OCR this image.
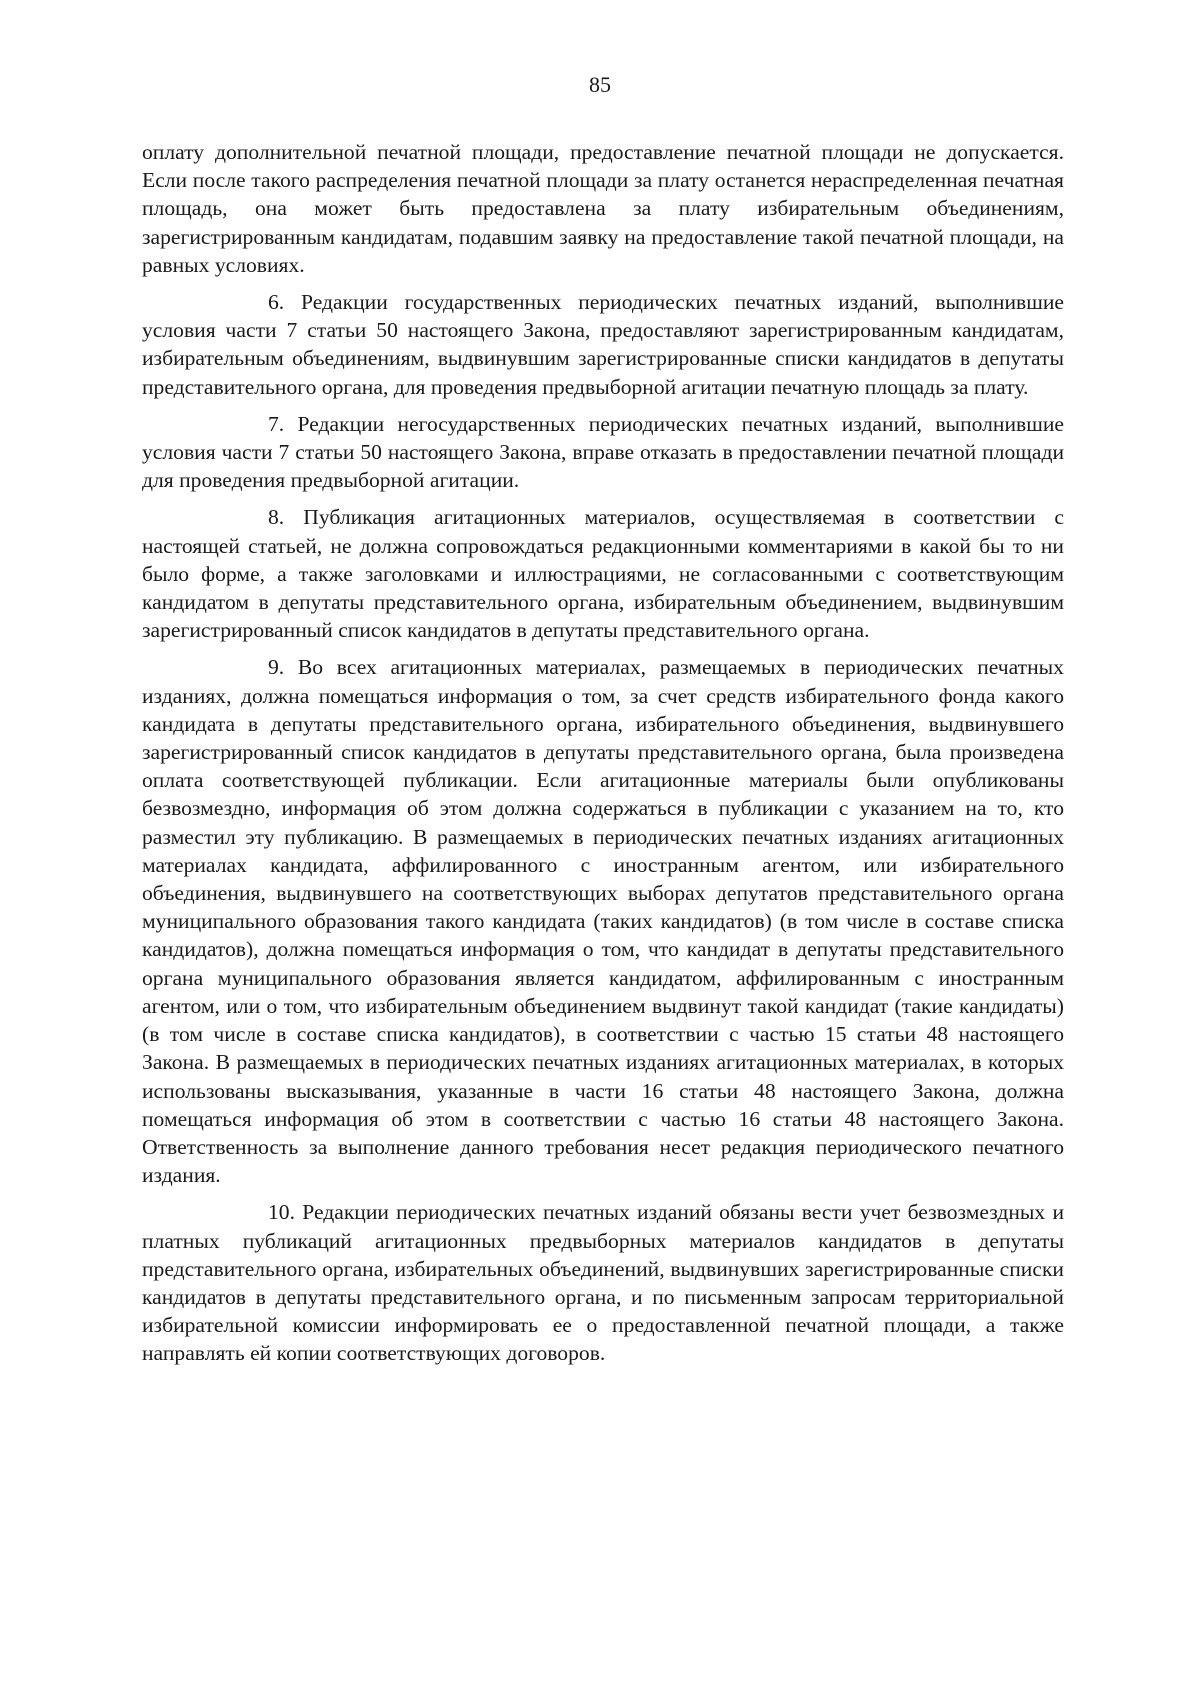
85

оплату дополнительной печатной площади, предоставление печатной площади не допускается. Если после такого распределения печатной площади за плату останется нераспределенная печатная площадь, она может быть предоставлена за плату избирательным объединениям, зарегистрированным кандидатам, подавшим заявку на предоставление такой печатной площади, на равных условиях.

6. Редакции государственных периодических печатных изданий, выполнившие условия части 7 статьи 50 настоящего Закона, предоставляют зарегистрированным кандидатам, избирательным объединениям, выдвинувшим зарегистрированные списки кандидатов в депутаты представительного органа, для проведения предвыборной агитации печатную площадь за плату.

7. Редакции негосударственных периодических печатных изданий, выполнившие условия части 7 статьи 50 настоящего Закона, вправе отказать в предоставлении печатной площади для проведения предвыборной агитации.

8. Публикация агитационных материалов, осуществляемая в соответствии с настоящей статьей, не должна сопровождаться редакционными комментариями в какой бы то ни было форме, а также заголовками и иллюстрациями, не согласованными с соответствующим кандидатом в депутаты представительного органа, избирательным объединением, выдвинувшим зарегистрированный список кандидатов в депутаты представительного органа.

9. Во всех агитационных материалах, размещаемых в периодических печатных изданиях, должна помещаться информация о том, за счет средств избирательного фонда какого кандидата в депутаты представительного органа, избирательного объединения, выдвинувшего зарегистрированный список кандидатов в депутаты представительного органа, была произведена оплата соответствующей публикации. Если агитационные материалы были опубликованы безвозмездно, информация об этом должна содержаться в публикации с указанием на то, кто разместил эту публикацию. В размещаемых в периодических печатных изданиях агитационных материалах кандидата, аффилированного с иностранным агентом, или избирательного объединения, выдвинувшего на соответствующих выборах депутатов представительного органа муниципального образования такого кандидата (таких кандидатов) (в том числе в составе списка кандидатов), должна помещаться информация о том, что кандидат в депутаты представительного органа муниципального образования является кандидатом, аффилированным с иностранным агентом, или о том, что избирательным объединением выдвинут такой кандидат (такие кандидаты) (в том числе в составе списка кандидатов), в соответствии с частью 15 статьи 48 настоящего Закона. В размещаемых в периодических печатных изданиях агитационных материалах, в которых использованы высказывания, указанные в части 16 статьи 48 настоящего Закона, должна помещаться информация об этом в соответствии с частью 16 статьи 48 настоящего Закона. Ответственность за выполнение данного требования несет редакция периодического печатного издания.

10. Редакции периодических печатных изданий обязаны вести учет безвозмездных и платных публикаций агитационных предвыборных материалов кандидатов в депутаты представительного органа, избирательных объединений, выдвинувших зарегистрированные списки кандидатов в депутаты представительного органа, и по письменным запросам территориальной избирательной комиссии информировать ее о предоставленной печатной площади, а также направлять ей копии соответствующих договоров.
